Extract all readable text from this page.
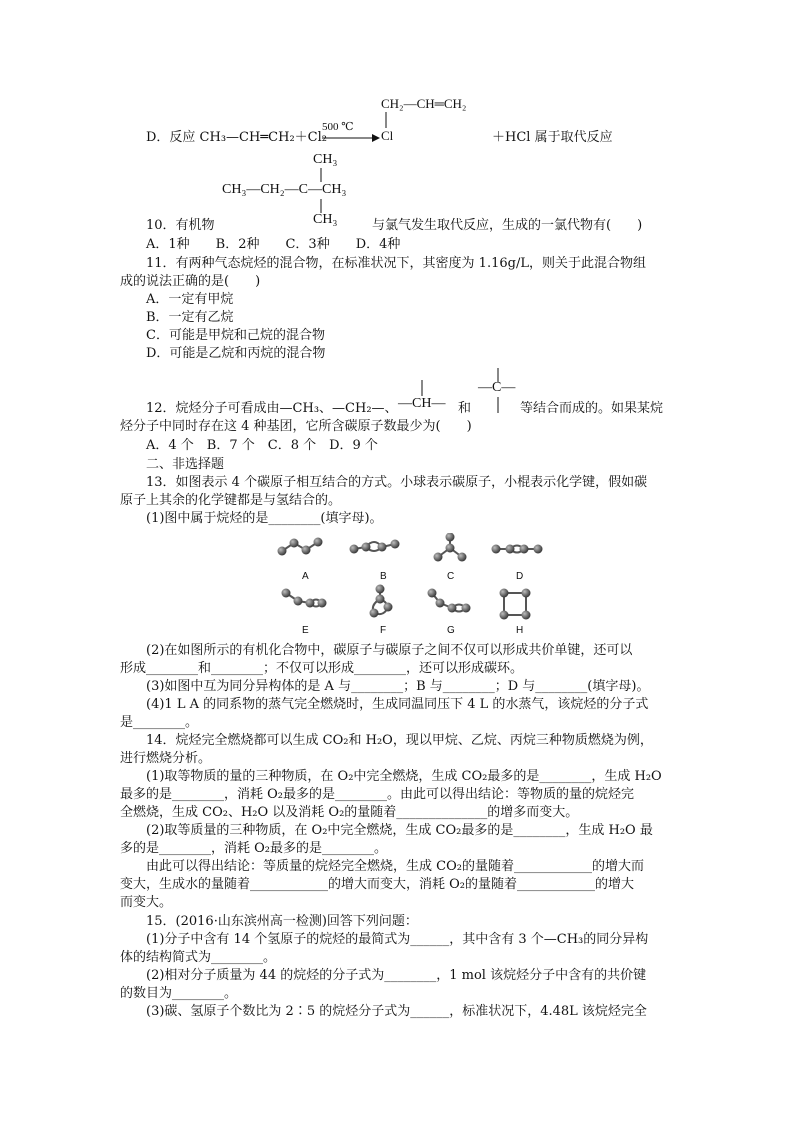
D．反应 CH₃—CH═CH₂＋Cl₂
500 ℃
CH₂—CH═CH₂
Cl	＋HCl 属于取代反应
CH₃
CH₃—CH₂—C—CH₃
CH₃
10．有机物	与氯气发生取代反应，生成的一氯代物有(　　)
A．1种　　B．2种　　C．3种　　D．4种
11．有两种气态烷烃的混合物，在标准状况下，其密度为 1.16g/L，则关于此混合物组
成的说法正确的是(　　)
A．一定有甲烷
B．一定有乙烷
C．可能是甲烷和己烷的混合物
D．可能是乙烷和丙烷的混合物
12．烷烃分子可看成由—CH₃、—CH₂—、 —CH— 和
—C—
等结合而成的。如果某烷
烃分子中同时存在这 4 种基团，它所含碳原子数最少为(　　)
A．4 个　B．7 个　C．8 个　D．9 个
二、非选择题
13．如图表示 4 个碳原子相互结合的方式。小球表示碳原子，小棍表示化学键，假如碳
原子上其余的化学键都是与氢结合的。
(1)图中属于烷烃的是________(填字母)。
A	B	C	D
E	F	G	H
(2)在如图所示的有机化合物中，碳原子与碳原子之间不仅可以形成共价单键，还可以
形成________和________；不仅可以形成________，还可以形成碳环。
(3)如图中互为同分异构体的是 A 与________；B 与________；D 与________(填字母)。
(4)1 L A 的同系物的蒸气完全燃烧时，生成同温同压下 4 L 的水蒸气，该烷烃的分子式
是________。
14．烷烃完全燃烧都可以生成 CO₂和 H₂O，现以甲烷、乙烷、丙烷三种物质燃烧为例，
进行燃烧分析。
(1)取等物质的量的三种物质，在 O₂中完全燃烧，生成 CO₂最多的是________，生成 H₂O
最多的是________，消耗 O₂最多的是________。由此可以得出结论：等物质的量的烷烃完
全燃烧，生成 CO₂、H₂O 以及消耗 O₂的量随着______________的增多而变大。
(2)取等质量的三种物质，在 O₂中完全燃烧，生成 CO₂最多的是________，生成 H₂O 最
多的是________，消耗 O₂最多的是________。
由此可以得出结论：等质量的烷烃完全燃烧，生成 CO₂的量随着____________的增大而
变大，生成水的量随着____________的增大而变大，消耗 O₂的量随着____________的增大
而变大。
15．(2016·山东滨州高一检测)回答下列问题：
(1)分子中含有 14 个氢原子的烷烃的最简式为______，其中含有 3 个—CH₃的同分异构
体的结构简式为________。
(2)相对分子质量为 44 的烷烃的分子式为________，1 mol 该烷烃分子中含有的共价键
的数目为________。
(3)碳、氢原子个数比为 2∶5 的烷烃分子式为______，标准状况下，4.48L 该烷烃完全
